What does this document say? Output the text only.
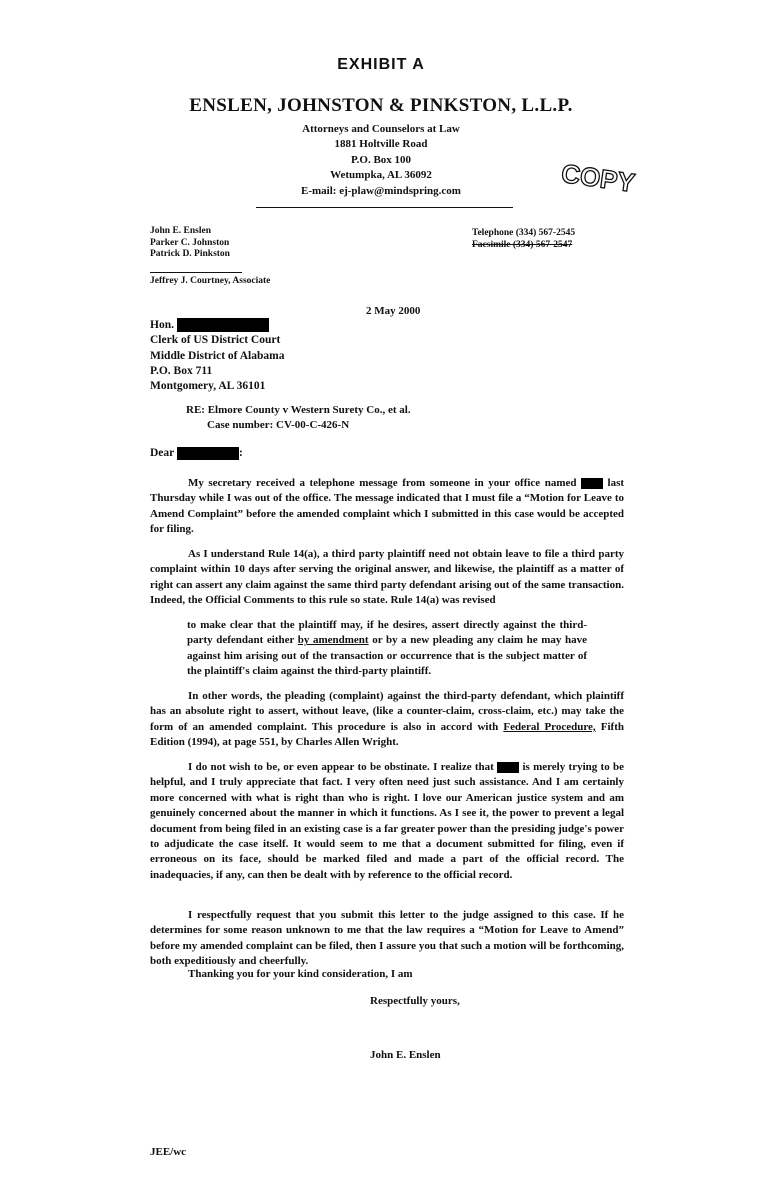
EXHIBIT A
ENSLEN, JOHNSTON & PINKSTON, L.L.P.
Attorneys and Counselors at Law
1881 Holtville Road
P.O. Box 100
Wetumpka, AL 36092
E-mail: ej-plaw@mindspring.com	COPY
John E. Enslen
Parker C. Johnston
Patrick D. Pinkston
Telephone (334) 567-2545
Facsimile (334) 567-2547
Jeffrey J. Courtney, Associate
2 May 2000
Hon.
Clerk of US District Court
Middle District of Alabama
P.O. Box 711
Montgomery, AL 36101
RE: Elmore County v Western Surety Co., et al.
Case number: CV-00-C-426-N
Dear	:
My secretary received a telephone message from someone in your office named	last Thursday while I was out of the office. The message indicated that I must file a “Motion for Leave to Amend Complaint” before the amended complaint which I submitted in this case would be accepted for filing.
As I understand Rule 14(a), a third party plaintiff need not obtain leave to file a third party complaint within 10 days after serving the original answer, and likewise, the plaintiff as a matter of right can assert any claim against the same third party defendant arising out of the same transaction. Indeed, the Official Comments to this rule so state. Rule 14(a) was revised
to make clear that the plaintiff may, if he desires, assert directly against the third-party defendant either by amendment or by a new pleading any claim he may have against him arising out of the transaction or occurrence that is the subject matter of the plaintiff's claim against the third-party plaintiff.
In other words, the pleading (complaint) against the third-party defendant, which plaintiff has an absolute right to assert, without leave, (like a counter-claim, cross-claim, etc.) may take the form of an amended complaint. This procedure is also in accord with Federal Procedure, Fifth Edition (1994), at page 551, by Charles Allen Wright.
I do not wish to be, or even appear to be obstinate. I realize that	is merely trying to be helpful, and I truly appreciate that fact. I very often need just such assistance. And I am certainly more concerned with what is right than who is right. I love our American justice system and am genuinely concerned about the manner in which it functions. As I see it, the power to prevent a legal document from being filed in an existing case is a far greater power than the presiding judge's power to adjudicate the case itself. It would seem to me that a document submitted for filing, even if erroneous on its face, should be marked filed and made a part of the official record. The inadequacies, if any, can then be dealt with by reference to the official record.
I respectfully request that you submit this letter to the judge assigned to this case. If he determines for some reason unknown to me that the law requires a “Motion for Leave to Amend” before my amended complaint can be filed, then I assure you that such a motion will be forthcoming, both expeditiously and cheerfully.
Thanking you for your kind consideration, I am
Respectfully yours,
John E. Enslen
JEE/wc
